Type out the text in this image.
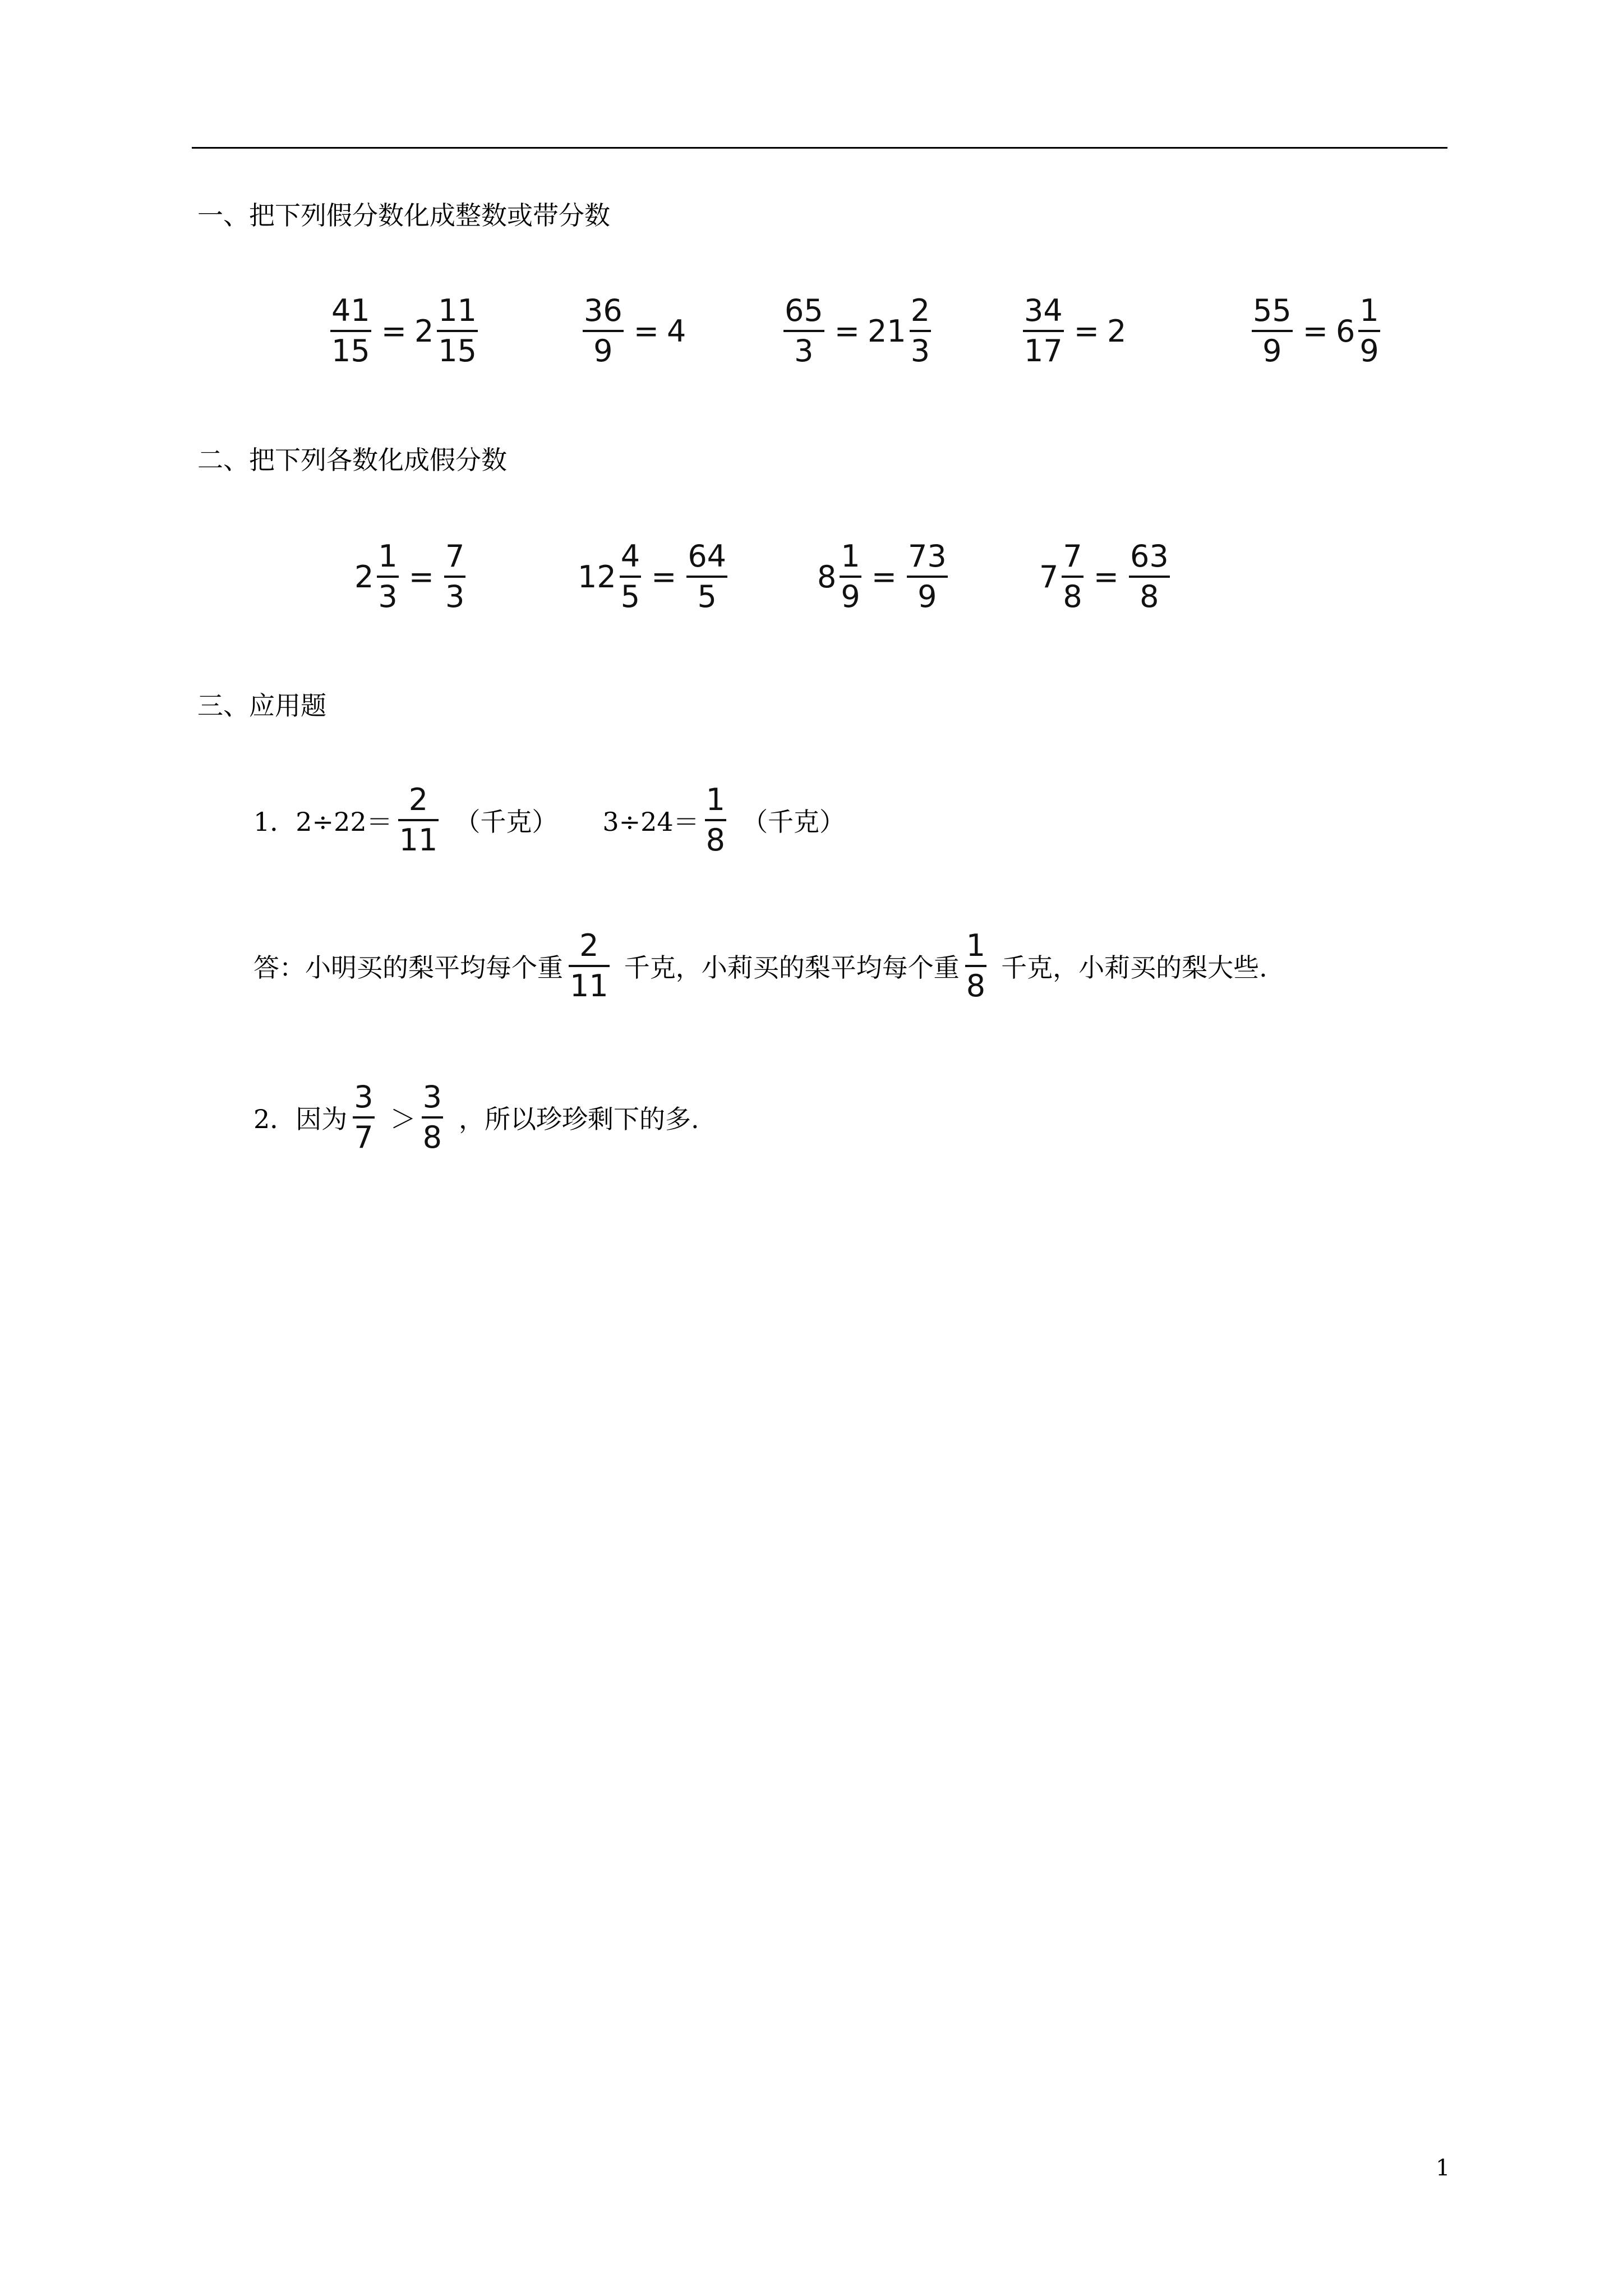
一、把下列假分数化成整数或带分数
$\frac{41}{15} = 2 \frac{11}{15}$	$\frac{36}{9} = 4$	$\frac{65}{3} = 21 \frac{2}{3}$	$\frac{34}{17} = 2$	$\frac{55}{9} = 6 \frac{1}{9}$
二、把下列各数化成假分数
$2 \frac{1}{3} = \frac{7}{3}$	$12 \frac{4}{5} = \frac{64}{5}$	$8 \frac{1}{9} = \frac{73}{9}$	$7 \frac{7}{8} = \frac{63}{8}$
三、应用题
1．$2\div 22= \frac{2}{11}$ （千克） $3\div 24= \frac{1}{8}$ （千克）
答：小明买的梨平均每个重 $\frac{2}{11}$ 千克，小莉买的梨平均每个重 $\frac{1}{8}$ 千克，小莉买的梨大些.
2．因为 $\frac{3}{7} > \frac{3}{8}$ ，所以珍珍剩下的多.
1
